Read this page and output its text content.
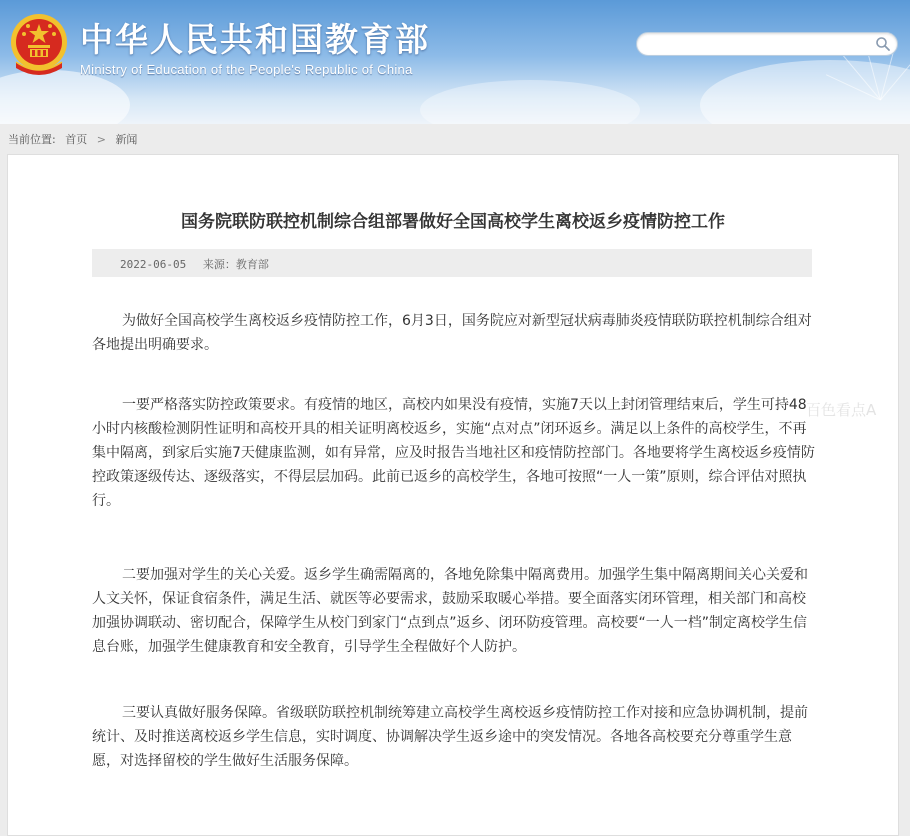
中华人民共和国教育部

Ministry of Education of the People's Republic of China

当前位置: 首页 > 新闻
国务院联防联控机制综合组部署做好全国高校学生离校返乡疫情防控工作
2022-06-05 来源：教育部

为做好全国高校学生离校返乡疫情防控工作，6月3日，国务院应对新型冠状病毒肺炎疫情联防联控机制综合组对各地提出明确要求。

一要严格落实防控政策要求。有疫情的地区，高校内如果没有疫情，实施7天以上封闭管理结束后，学生可持48小时内核酸检测阴性证明和高校开具的相关证明离校返乡，实施“点对点”闭环返乡。满足以上条件的高校学生，不再集中隔离，到家后实施7天健康监测，如有异常，应及时报告当地社区和疫情防控部门。各地要将学生离校返乡疫情防控政策逐级传达、逐级落实，不得层层加码。此前已返乡的高校学生，各地可按照“一人一策”原则，综合评估对照执行。

二要加强对学生的关心关爱。返乡学生确需隔离的，各地免除集中隔离费用。加强学生集中隔离期间关心关爱和人文关怀，保证食宿条件，满足生活、就医等必要需求，鼓励采取暖心举措。要全面落实闭环管理，相关部门和高校加强协调联动、密切配合，保障学生从校门到家门“点到点”返乡、闭环防疫管理。高校要“一人一档”制定离校学生信息台账，加强学生健康教育和安全教育，引导学生全程做好个人防护。

三要认真做好服务保障。省级联防联控机制统筹建立高校学生离校返乡疫情防控工作对接和应急协调机制，提前统计、及时推送离校返乡学生信息，实时调度、协调解决学生返乡途中的突发情况。各地各高校要充分尊重学生意愿，对选择留校的学生做好生活服务保障。

百色看点A
